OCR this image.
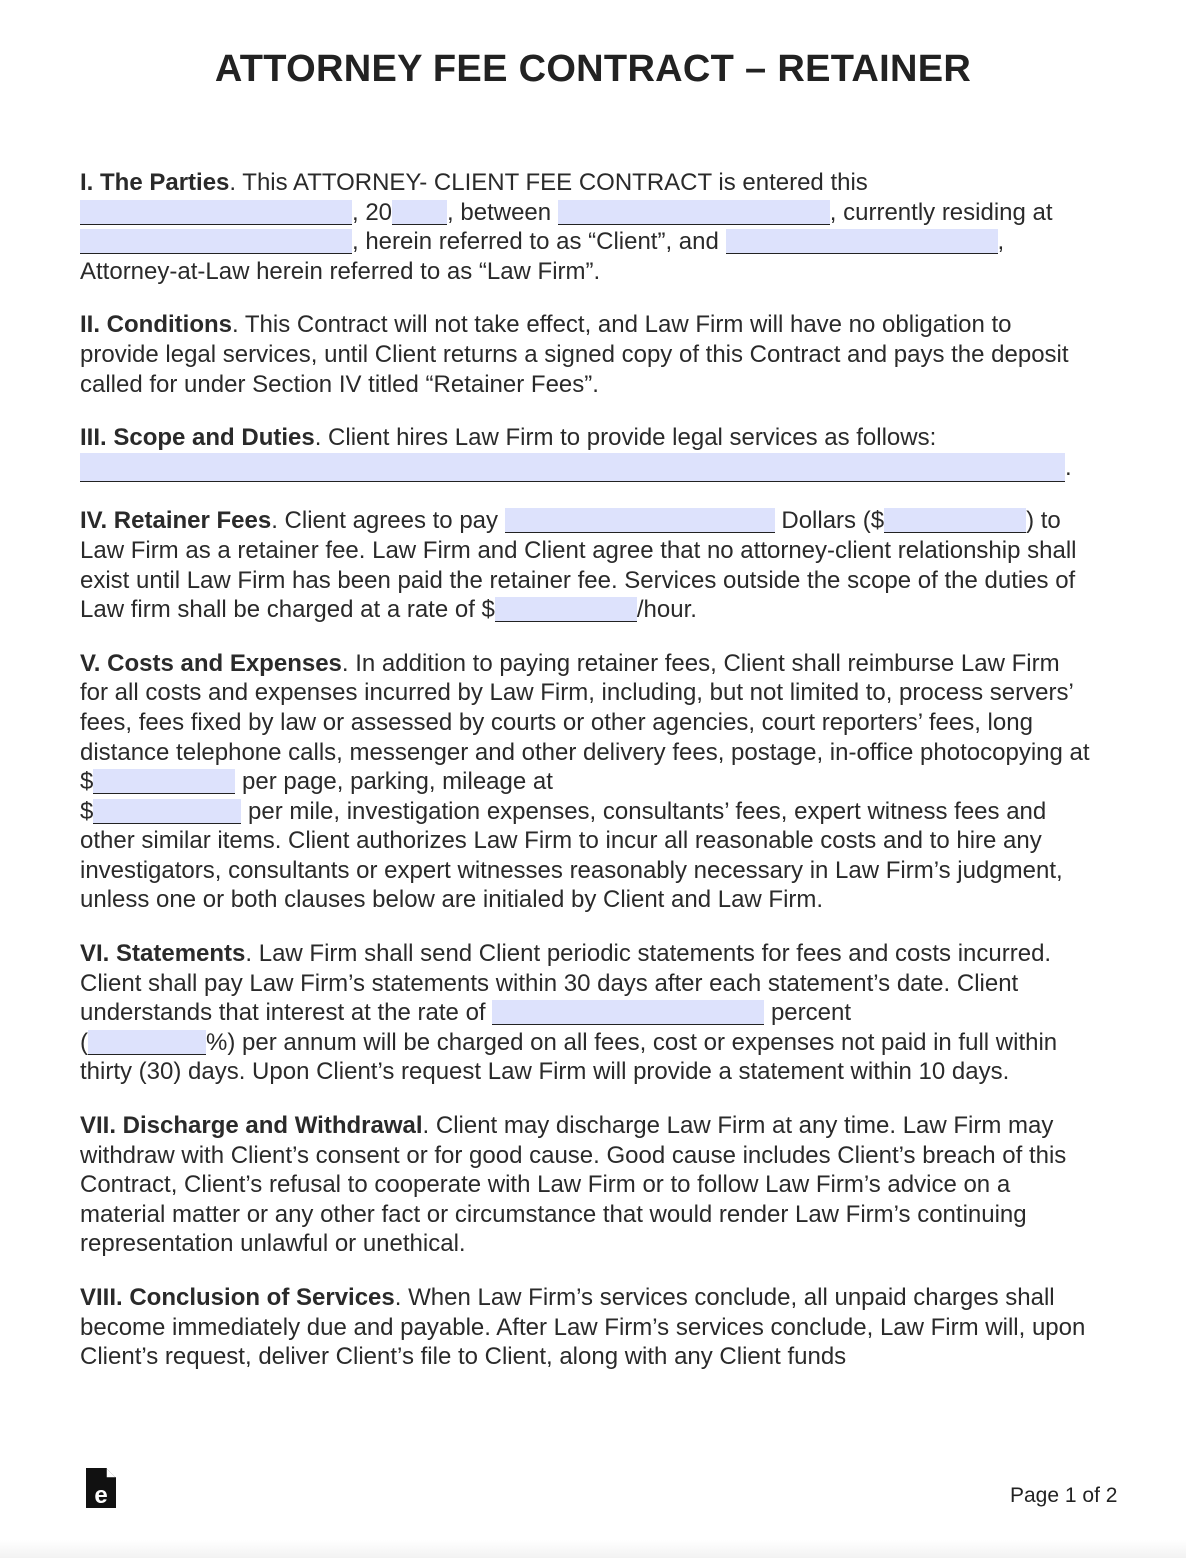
ATTORNEY FEE CONTRACT – RETAINER

I. The Parties. This ATTORNEY- CLIENT FEE CONTRACT is entered this
, 20 , between	, currently residing at
, herein referred to as “Client”, and	,
Attorney-at-Law herein referred to as “Law Firm”.

II. Conditions. This Contract will not take effect, and Law Firm will have no obligation to provide legal services, until Client returns a signed copy of this Contract and pays the deposit called for under Section IV titled “Retainer Fees”.

III. Scope and Duties. Client hires Law Firm to provide legal services as follows:
.

IV. Retainer Fees. Client agrees to pay	Dollars ($	) to Law Firm as a retainer fee. Law Firm and Client agree that no attorney-client relationship shall exist until Law Firm has been paid the retainer fee. Services outside the scope of the duties of Law firm shall be charged at a rate of $	/hour.

V. Costs and Expenses. In addition to paying retainer fees, Client shall reimburse Law Firm for all costs and expenses incurred by Law Firm, including, but not limited to, process servers’ fees, fees fixed by law or assessed by courts or other agencies, court reporters’ fees, long distance telephone calls, messenger and other delivery fees, postage, in-office photocopying at $	per page, parking, mileage at
$	per mile, investigation expenses, consultants’ fees, expert witness fees and other similar items. Client authorizes Law Firm to incur all reasonable costs and to hire any investigators, consultants or expert witnesses reasonably necessary in Law Firm’s judgment, unless one or both clauses below are initialed by Client and Law Firm.

VI. Statements. Law Firm shall send Client periodic statements for fees and costs incurred. Client shall pay Law Firm’s statements within 30 days after each statement’s date. Client understands that interest at the rate of	percent
(	%) per annum will be charged on all fees, cost or expenses not paid in full within thirty (30) days. Upon Client’s request Law Firm will provide a statement within 10 days.

VII. Discharge and Withdrawal. Client may discharge Law Firm at any time. Law Firm may withdraw with Client’s consent or for good cause. Good cause includes Client’s breach of this Contract, Client’s refusal to cooperate with Law Firm or to follow Law Firm’s advice on a material matter or any other fact or circumstance that would render Law Firm’s continuing representation unlawful or unethical.

VIII. Conclusion of Services. When Law Firm’s services conclude, all unpaid charges shall become immediately due and payable. After Law Firm’s services conclude, Law Firm will, upon Client’s request, deliver Client’s file to Client, along with any Client funds

e	Page 1 of 2
